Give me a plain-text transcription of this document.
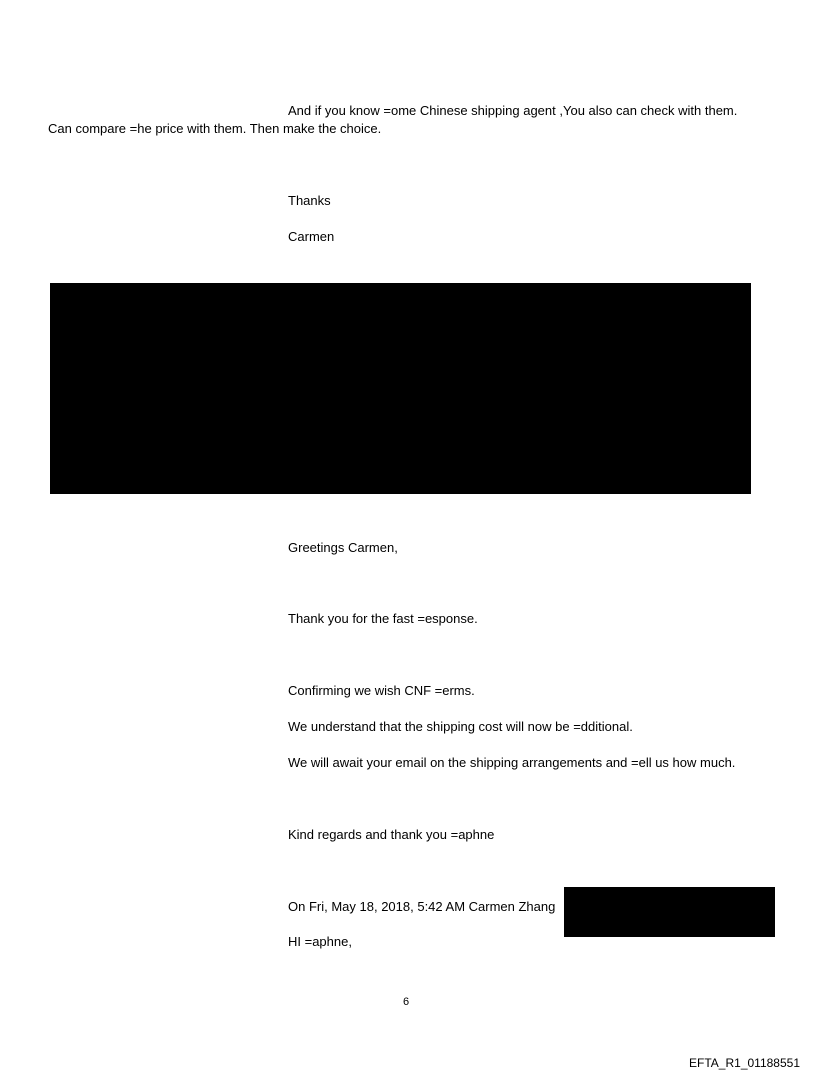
And if you know =ome Chinese shipping agent ,You also can check with them.
Can compare =he price with them. Then make the choice.
Thanks
Carmen
Greetings Carmen,
Thank you for the fast =esponse.
Confirming we wish CNF =erms.
We understand that the shipping cost will now be =dditional.
We will await your email on the shipping arrangements and =ell us how much.
Kind regards and thank you =aphne
On Fri, May 18, 2018, 5:42 AM Carmen Zhang
HI =aphne,
6
EFTA_R1_01188551
